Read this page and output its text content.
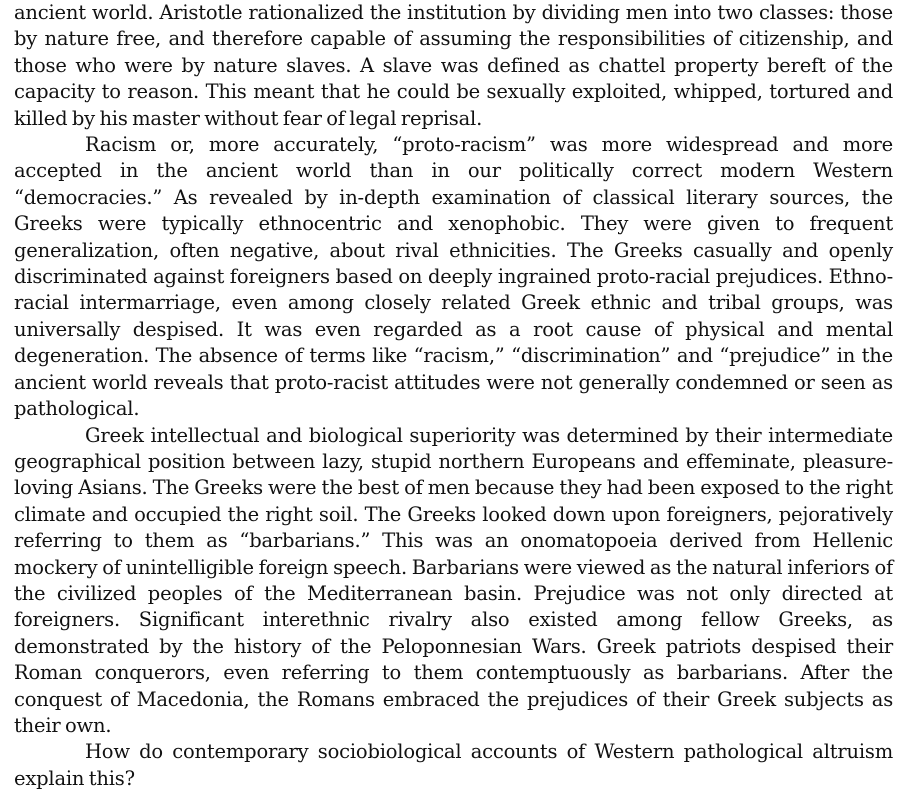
ancient world. Aristotle rationalized the institution by dividing men into two classes: those by nature free, and therefore capable of assuming the responsibilities of citizenship, and those who were by nature slaves. A slave was defined as chattel property bereft of the capacity to reason. This meant that he could be sexually exploited, whipped, tortured and killed by his master without fear of legal reprisal.

Racism or, more accurately, “proto-racism” was more widespread and more accepted in the ancient world than in our politically correct modern Western “democracies.” As revealed by in-depth examination of classical literary sources, the Greeks were typically ethnocentric and xenophobic. They were given to frequent generalization, often negative, about rival ethnicities. The Greeks casually and openly discriminated against foreigners based on deeply ingrained proto-racial prejudices. Ethno-racial intermarriage, even among closely related Greek ethnic and tribal groups, was universally despised. It was even regarded as a root cause of physical and mental degeneration. The absence of terms like “racism,” “discrimination” and “prejudice” in the ancient world reveals that proto-racist attitudes were not generally condemned or seen as pathological.

Greek intellectual and biological superiority was determined by their intermediate geographical position between lazy, stupid northern Europeans and effeminate, pleasure-loving Asians. The Greeks were the best of men because they had been exposed to the right climate and occupied the right soil. The Greeks looked down upon foreigners, pejoratively referring to them as “barbarians.” This was an onomatopoeia derived from Hellenic mockery of unintelligible foreign speech. Barbarians were viewed as the natural inferiors of the civilized peoples of the Mediterranean basin. Prejudice was not only directed at foreigners. Significant interethnic rivalry also existed among fellow Greeks, as demonstrated by the history of the Peloponnesian Wars. Greek patriots despised their Roman conquerors, even referring to them contemptuously as barbarians. After the conquest of Macedonia, the Romans embraced the prejudices of their Greek subjects as their own.

How do contemporary sociobiological accounts of Western pathological altruism explain this?
